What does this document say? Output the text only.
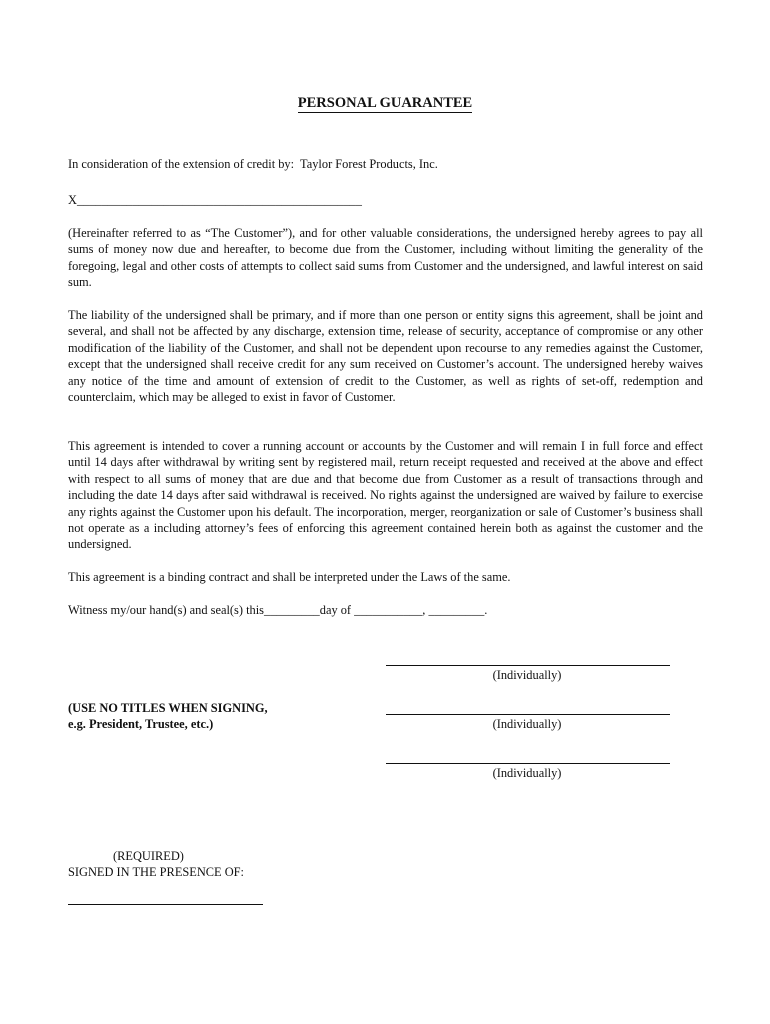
PERSONAL GUARANTEE
In consideration of the extension of credit by:  Taylor Forest Products, Inc.
X______________________________________________
(Hereinafter referred to as “The Customer”), and for other valuable considerations, the undersigned hereby agrees to pay all sums of money now due and hereafter, to become due from the Customer, including without limiting the generality of the foregoing, legal and other costs of attempts to collect said sums from Customer and the undersigned, and lawful interest on said sum.
The liability of the undersigned shall be primary, and if more than one person or entity signs this agreement, shall be joint and several, and shall not be affected by any discharge, extension time, release of security, acceptance of compromise or any other modification of the liability of the Customer, and shall not be dependent upon recourse to any remedies against the Customer, except that the undersigned shall receive credit for any sum received on Customer’s account. The undersigned hereby waives any notice of the time and amount of extension of credit to the Customer, as well as rights of set-off, redemption and counterclaim, which may be alleged to exist in favor of Customer.
This agreement is intended to cover a running account or accounts by the Customer and will remain I in full force and effect until 14 days after withdrawal by writing sent by registered mail, return receipt requested and received at the above and effect with respect to all sums of money that are due and that become due from Customer as a result of transactions through and including the date 14 days after said withdrawal is received. No rights against the undersigned are waived by failure to exercise any rights against the Customer upon his default. The incorporation, merger, reorganization or sale of Customer’s business shall not operate as a including attorney’s fees of enforcing this agreement contained herein both as against the customer and the undersigned.
This agreement is a binding contract and shall be interpreted under the Laws of the same.
Witness my/our hand(s) and seal(s) this_________day of ___________, _________.
(Individually)
(Individually)
(Individually)
(USE NO TITLES WHEN SIGNING,
e.g. President, Trustee, etc.)
(REQUIRED)
SIGNED IN THE PRESENCE OF:
